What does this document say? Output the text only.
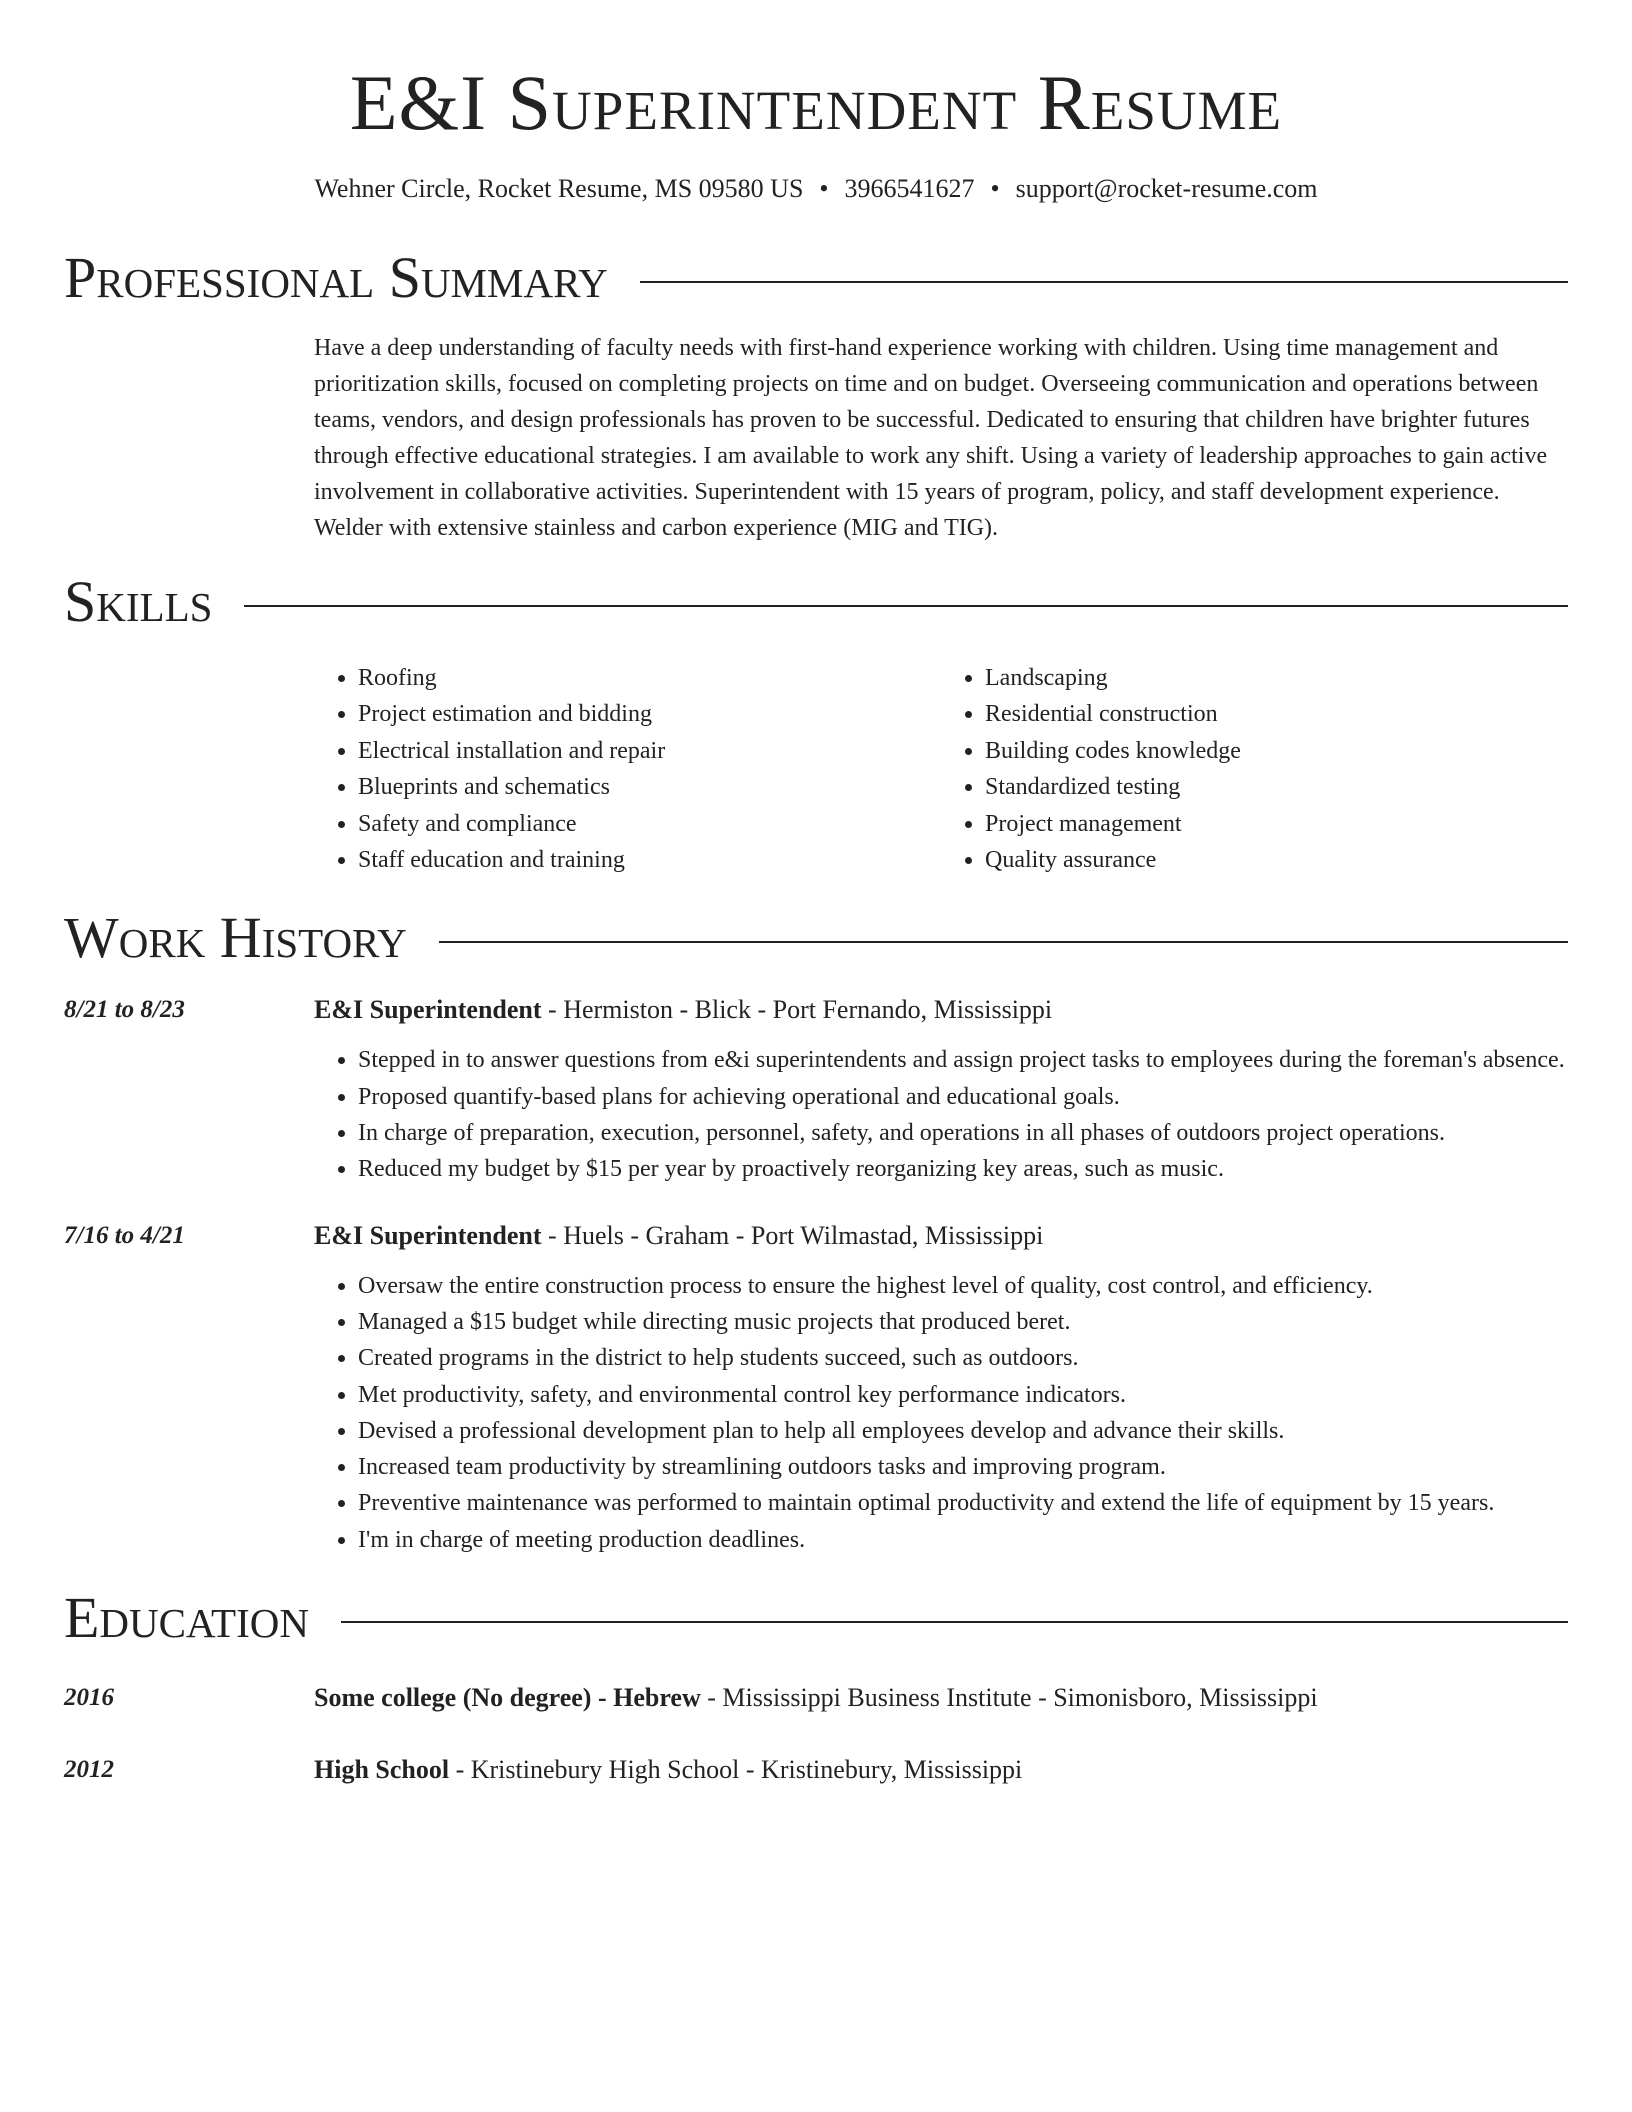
E&I Superintendent Resume
Wehner Circle, Rocket Resume, MS 09580 US • 3966541627 • support@rocket-resume.com
Professional Summary

Have a deep understanding of faculty needs with first-hand experience working with children. Using time management and prioritization skills, focused on completing projects on time and on budget. Overseeing communication and operations between teams, vendors, and design professionals has proven to be successful. Dedicated to ensuring that children have brighter futures through effective educational strategies. I am available to work any shift. Using a variety of leadership approaches to gain active involvement in collaborative activities. Superintendent with 15 years of program, policy, and staff development experience. Welder with extensive stainless and carbon experience (MIG and TIG).

Skills
• Roofing
• Project estimation and bidding
• Electrical installation and repair
• Blueprints and schematics
• Safety and compliance
• Staff education and training
• Landscaping
• Residential construction
• Building codes knowledge
• Standardized testing
• Project management
• Quality assurance
Work History
8/21 to 8/23	E&I Superintendent - Hermiston - Blick - Port Fernando, Mississippi
• Stepped in to answer questions from e&i superintendents and assign project tasks to employees during the foreman's absence.
• Proposed quantify-based plans for achieving operational and educational goals.
• In charge of preparation, execution, personnel, safety, and operations in all phases of outdoors project operations.
• Reduced my budget by $15 per year by proactively reorganizing key areas, such as music.
7/16 to 4/21	E&I Superintendent - Huels - Graham - Port Wilmastad, Mississippi
• Oversaw the entire construction process to ensure the highest level of quality, cost control, and efficiency.
• Managed a $15 budget while directing music projects that produced beret.
• Created programs in the district to help students succeed, such as outdoors.
• Met productivity, safety, and environmental control key performance indicators.
• Devised a professional development plan to help all employees develop and advance their skills.
• Increased team productivity by streamlining outdoors tasks and improving program.
• Preventive maintenance was performed to maintain optimal productivity and extend the life of equipment by 15 years.
• I'm in charge of meeting production deadlines.
Education
2016	Some college (No degree) - Hebrew - Mississippi Business Institute - Simonisboro, Mississippi
2012	High School - Kristinebury High School - Kristinebury, Mississippi
